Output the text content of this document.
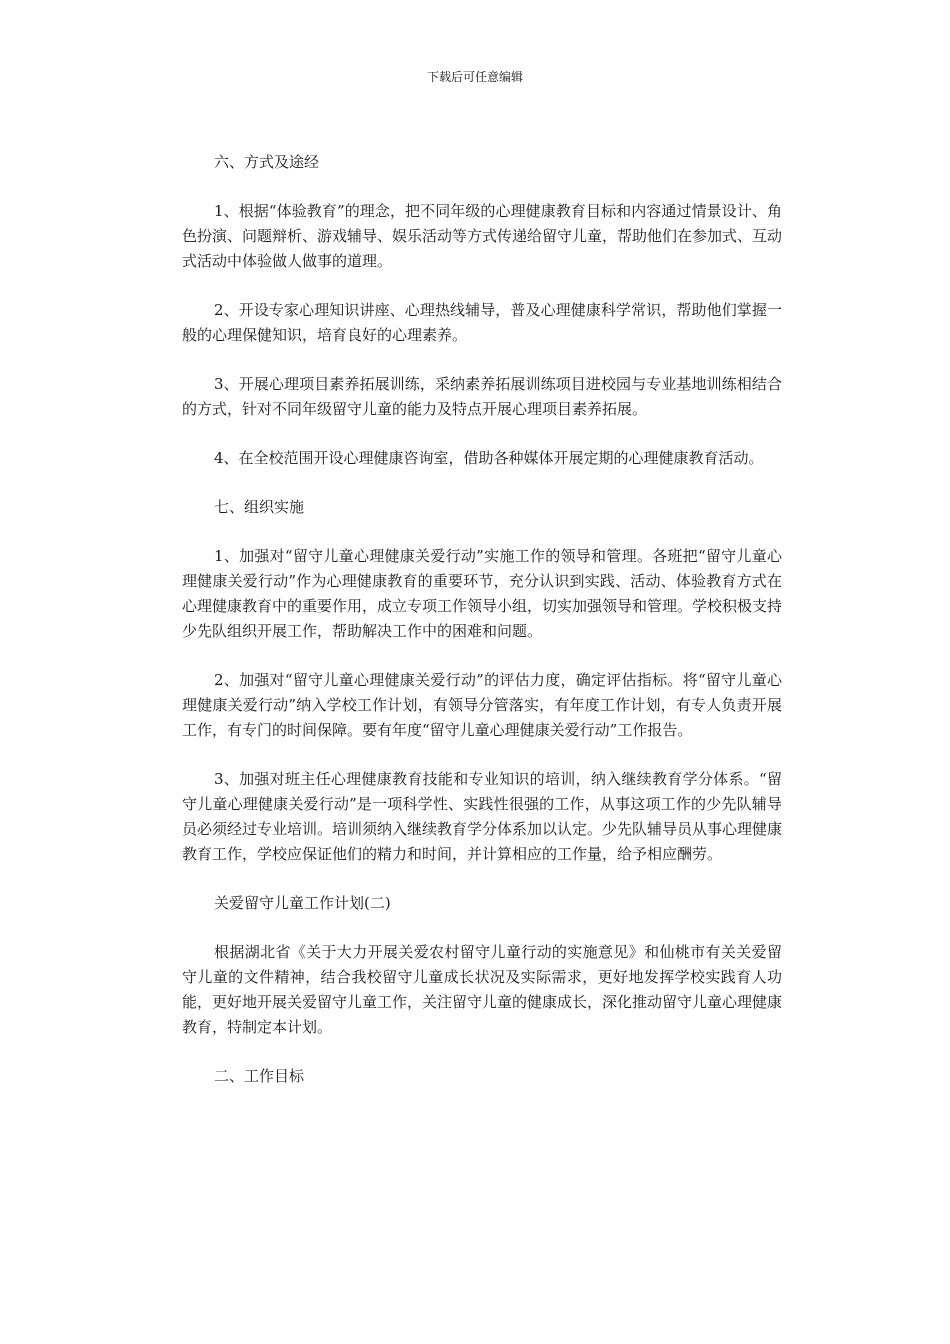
下载后可任意编辑

六、方式及途经

1、根据“体验教育”的理念，把不同年级的心理健康教育目标和内容通过情景设计、角色扮演、问题辩析、游戏辅导、娱乐活动等方式传递给留守儿童，帮助他们在参加式、互动式活动中体验做人做事的道理。

2、开设专家心理知识讲座、心理热线辅导，普及心理健康科学常识，帮助他们掌握一般的心理保健知识，培育良好的心理素养。

3、开展心理项目素养拓展训练，采纳素养拓展训练项目进校园与专业基地训练相结合的方式，针对不同年级留守儿童的能力及特点开展心理项目素养拓展。

4、在全校范围开设心理健康咨询室，借助各种媒体开展定期的心理健康教育活动。

七、组织实施

1、加强对“留守儿童心理健康关爱行动”实施工作的领导和管理。各班把“留守儿童心理健康关爱行动”作为心理健康教育的重要环节，充分认识到实践、活动、体验教育方式在心理健康教育中的重要作用，成立专项工作领导小组，切实加强领导和管理。学校积极支持少先队组织开展工作，帮助解决工作中的困难和问题。

2、加强对“留守儿童心理健康关爱行动”的评估力度，确定评估指标。将“留守儿童心理健康关爱行动”纳入学校工作计划，有领导分管落实，有年度工作计划，有专人负责开展工作，有专门的时间保障。要有年度“留守儿童心理健康关爱行动”工作报告。

3、加强对班主任心理健康教育技能和专业知识的培训，纳入继续教育学分体系。“留守儿童心理健康关爱行动”是一项科学性、实践性很强的工作，从事这项工作的少先队辅导员必须经过专业培训。培训须纳入继续教育学分体系加以认定。少先队辅导员从事心理健康教育工作，学校应保证他们的精力和时间，并计算相应的工作量，给予相应酬劳。

关爱留守儿童工作计划(二)

根据湖北省《关于大力开展关爱农村留守儿童行动的实施意见》和仙桃市有关关爱留守儿童的文件精神，结合我校留守儿童成长状况及实际需求，更好地发挥学校实践育人功能，更好地开展关爱留守儿童工作，关注留守儿童的健康成长，深化推动留守儿童心理健康教育，特制定本计划。

二、工作目标
